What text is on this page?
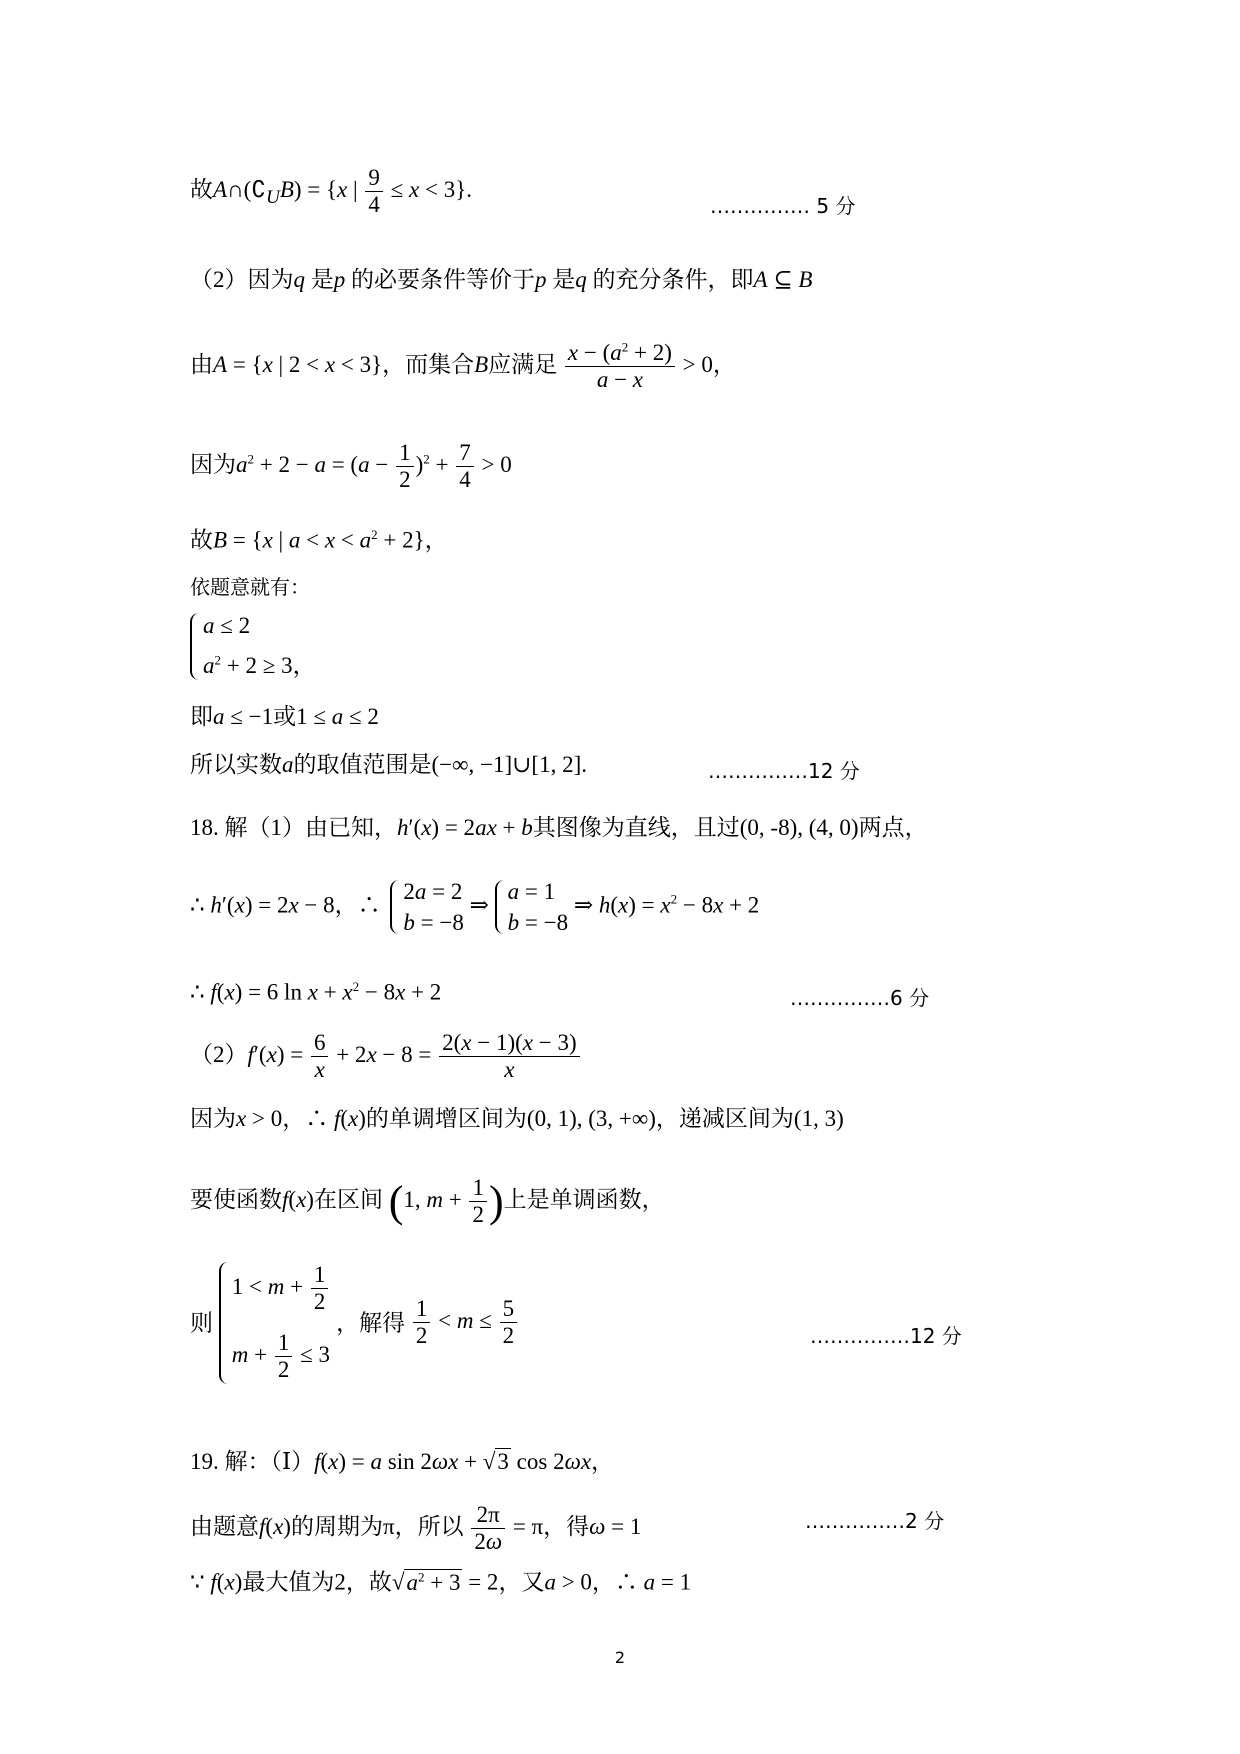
故$A\cap(∁_UB) = \{x$ | $\frac{9}{4} \le x < 3$}.
…………… 5 分
（2）因为q 是p 的必要条件等价于p 是q 的充分条件，即A ⊆ B
由A = {x | 2 < x < 3}，而集合B应满足 $\frac{x - (a^2 + 2)}{a - x} > 0$，
因为$a^2 + 2 - a = (a - \frac{1}{2} )^2 + \frac{7}{4} > 0$
故B = {x | $a < x < a^2 + 2$}，
依题意就有：
a ≤ 2
$a^2 + 2 \ge 3$，
即a ≤ −1或1 ≤ a ≤ 2
所以实数a的取值范围是(−∞, −1]∪[1, 2].	……………12 分
18. 解（1）由已知，h′(x) = 2ax + b其图像为直线，且过(0, -8), (4, 0)两点，
∴ h′(x) = 2x − 8，∴
2a = 2
b = −8
⇒
a = 1
b = −8
⇒ $h(x) = x^2 - 8x + 2$
∴ f(x) = 6 $\ln x + x^2 - 8x + 2$	……………6 分
$(2)f'(x) = \frac{6}{x} + 2x - 8 = \frac{2(x - 1)(x - 3)}{x}$
因为x > 0，∴ f(x)的单调增区间为(0, 1), (3, +∞)，递减区间为(1, 3)
要使函数f(x)在区间 (1, $m + \frac{1}{2}$ )上是单调函数，
则
$1 < m + \frac{1}{2}$
$m + \frac{1}{2} \le 3$
，解得 $\frac{1}{2} < m \le \frac{5}{2}$	……………12 分
19. 解：（Ⅰ）f(x) = a sin 2ωx + √3 cos 2ωx，
由题意f(x)的周期为π，所以 $\frac{2\pi}{2\omega} = \pi$，得ω = 1	……………2 分
∵ f(x)最大值为2，故$√a^2 + 3 = 2$，又a > 0，∴ a = 1
2
